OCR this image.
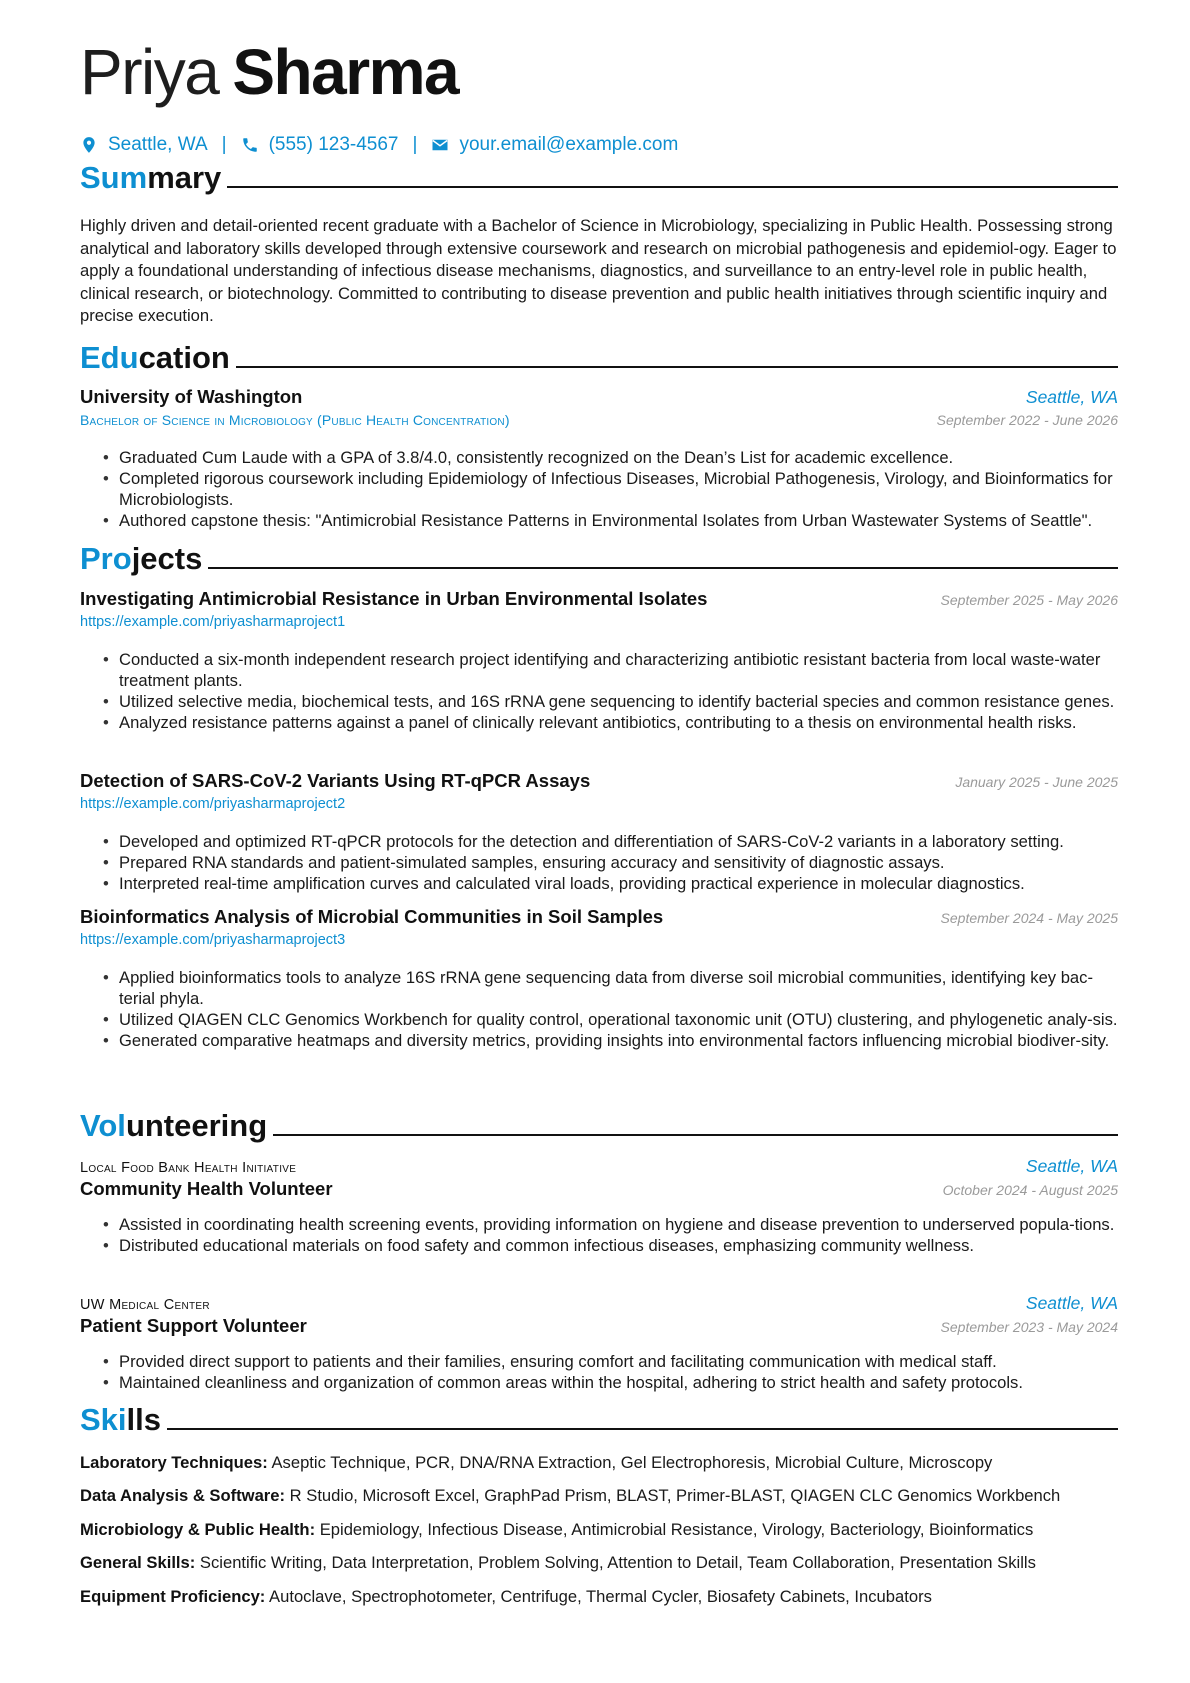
Priya Sharma
Seattle, WA | (555) 123-4567 | your.email@example.com
Summary
Highly driven and detail-oriented recent graduate with a Bachelor of Science in Microbiology, specializing in Public Health. Possessing strong analytical and laboratory skills developed through extensive coursework and research on microbial pathogenesis and epidemiol-ogy. Eager to apply a foundational understanding of infectious disease mechanisms, diagnostics, and surveillance to an entry-level role in public health, clinical research, or biotechnology. Committed to contributing to disease prevention and public health initiatives through scientific inquiry and precise execution.
Education
University of Washington	Seattle, WA
Bachelor of Science in Microbiology (Public Health Concentration)	September 2022 - June 2026
• Graduated Cum Laude with a GPA of 3.8/4.0, consistently recognized on the Dean’s List for academic excellence.
• Completed rigorous coursework including Epidemiology of Infectious Diseases, Microbial Pathogenesis, Virology, and Bioinformatics for Microbiologists.
• Authored capstone thesis: "Antimicrobial Resistance Patterns in Environmental Isolates from Urban Wastewater Systems of Seattle".
Projects
Investigating Antimicrobial Resistance in Urban Environmental Isolates	September 2025 - May 2026
https://example.com/priyasharmaproject1
• Conducted a six-month independent research project identifying and characterizing antibiotic resistant bacteria from local waste-water treatment plants.
• Utilized selective media, biochemical tests, and 16S rRNA gene sequencing to identify bacterial species and common resistance genes.
• Analyzed resistance patterns against a panel of clinically relevant antibiotics, contributing to a thesis on environmental health risks.
Detection of SARS-CoV-2 Variants Using RT-qPCR Assays	January 2025 - June 2025
https://example.com/priyasharmaproject2
• Developed and optimized RT-qPCR protocols for the detection and differentiation of SARS-CoV-2 variants in a laboratory setting.
• Prepared RNA standards and patient-simulated samples, ensuring accuracy and sensitivity of diagnostic assays.
• Interpreted real-time amplification curves and calculated viral loads, providing practical experience in molecular diagnostics.
Bioinformatics Analysis of Microbial Communities in Soil Samples	September 2024 - May 2025
https://example.com/priyasharmaproject3
• Applied bioinformatics tools to analyze 16S rRNA gene sequencing data from diverse soil microbial communities, identifying key bac-terial phyla.
• Utilized QIAGEN CLC Genomics Workbench for quality control, operational taxonomic unit (OTU) clustering, and phylogenetic analy-sis.
• Generated comparative heatmaps and diversity metrics, providing insights into environmental factors influencing microbial biodiver-sity.
Volunteering
Local Food Bank Health Initiative	Seattle, WA
Community Health Volunteer	October 2024 - August 2025
• Assisted in coordinating health screening events, providing information on hygiene and disease prevention to underserved popula-tions.
• Distributed educational materials on food safety and common infectious diseases, emphasizing community wellness.
UW Medical Center	Seattle, WA
Patient Support Volunteer	September 2023 - May 2024
• Provided direct support to patients and their families, ensuring comfort and facilitating communication with medical staff.
• Maintained cleanliness and organization of common areas within the hospital, adhering to strict health and safety protocols.
Skills
Laboratory Techniques: Aseptic Technique, PCR, DNA/RNA Extraction, Gel Electrophoresis, Microbial Culture, Microscopy
Data Analysis & Software: R Studio, Microsoft Excel, GraphPad Prism, BLAST, Primer-BLAST, QIAGEN CLC Genomics Workbench
Microbiology & Public Health: Epidemiology, Infectious Disease, Antimicrobial Resistance, Virology, Bacteriology, Bioinformatics
General Skills: Scientific Writing, Data Interpretation, Problem Solving, Attention to Detail, Team Collaboration, Presentation Skills
Equipment Proficiency: Autoclave, Spectrophotometer, Centrifuge, Thermal Cycler, Biosafety Cabinets, Incubators
